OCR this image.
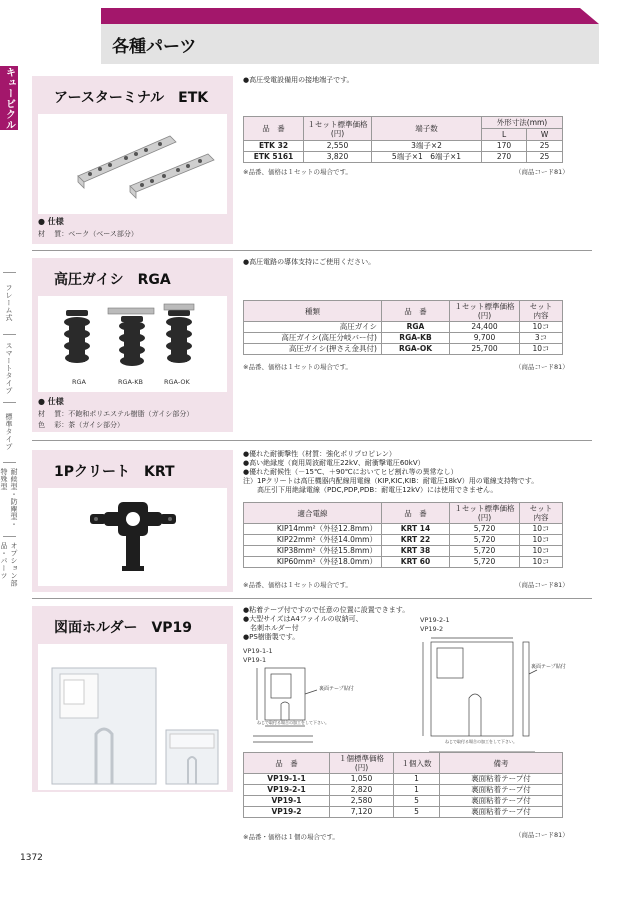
各種パーツ
キュービクル
フレーム式
スマートタイプ
標準タイプ
耐候型・防塵型・特殊型
オプション部品・パーツ
アースターミナル　ETK
● 仕様
材　 質：ベーク（ベース部分）
●高圧受電設備用の接地端子です。
品　番	１セット標準価格
(円)	端子数	外形寸法(mm)	
			L	W
ETK 32	2,550	3端子×2	170	25
ETK 5161	3,820	5端子×1　6端子×1	270	25
※品番、価格は１セットの場合です。	（商品コード81）
高圧ガイシ　RGA
RGA	RGA-KB	RGA-OK
● 仕様
材　 質：不飽和ポリエステル樹脂（ガイシ部分）
色　 彩：茶（ガイシ部分）
●高圧電路の導体支持にご使用ください。
種類	品　番	１セット標準価格
(円)	セット
内容
高圧ガイシ	RGA	24,400	10コ
高圧ガイシ(高圧分岐バー付)	RGA-KB	9,700	3コ
高圧ガイシ(押さえ金具付)	RGA-OK	25,700	10コ
※品番、価格は１セットの場合です。	（商品コード81）
1Pクリート　KRT
●優れた耐衝撃性（材質：強化ポリプロピレン）
●高い絶縁度（商用周波耐電圧22kV、耐衝撃電圧60kV）
●優れた耐候性（－15℃、＋90℃においてヒビ割れ等の異常なし）
注）1Pクリートは高圧機器内配線用電線（KIP,KIC,KIB：耐電圧18kV）用の電線支持物です。
　　高圧引下用絶縁電線（PDC,PDP,PDB：耐電圧12kV）には使用できません。
適合電線	品　番	１セット標準価格
(円)	セット
内容
KIP14mm²（外径12.8mm）	KRT 14	5,720	10コ
KIP22mm²（外径14.0mm）	KRT 22	5,720	10コ
KIP38mm²（外径15.8mm）	KRT 38	5,720	10コ
KIP60mm²（外径18.0mm）	KRT 60	5,720	10コ
※品番、価格は１セットの場合です。	（商品コード81）
図面ホルダー　VP19
●粘着テープ付ですので任意の位置に設置できます。
●大型サイズはA4ファイルの収納可、
　名刺ホルダー付
●PS樹脂製です。
VP19-1-1
VP19-1
VP19-2-1
VP19-2
裏面テープ貼付
ねじで取付る場合の加工をして下さい。
裏面テープ貼付
ねじで取付る場合の加工をして下さい。
品　番	１個標準価格
(円)	１個入数	備考
VP19-1-1	1,050	1	裏面粘着テープ付
VP19-2-1	2,820	1	裏面粘着テープ付
VP19-1	2,580	5	裏面粘着テープ付
VP19-2	7,120	5	裏面粘着テープ付
※品番・価格は１個の場合です。	（商品コード81）
1372
